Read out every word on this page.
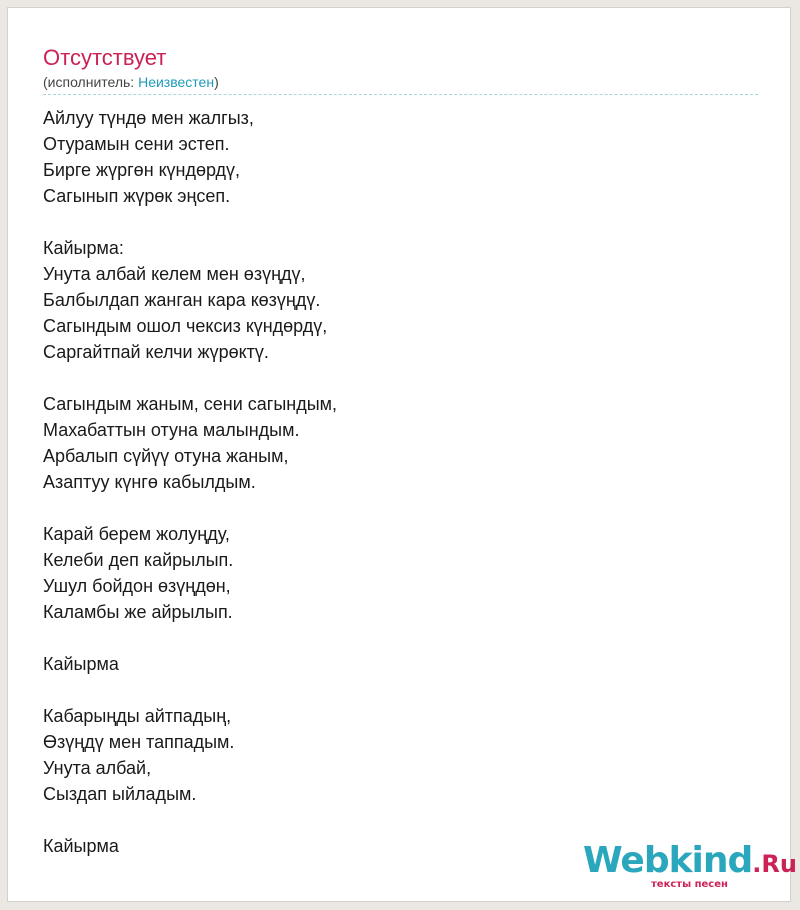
Отсутствует
(исполнитель: Неизвестен)
Айлуу түндө мен жалгыз,
Отурамын сени эстеп.
Бирге жүргөн күндөрдү,
Сагынып жүрөк эңсеп.
Кайырма:
Унута албай келем мен өзүңдү,
Балбылдап жанган кара көзүңдү.
Сагындым ошол чексиз күндөрдү,
Саргайтпай келчи жүрөктү.
Сагындым жаным, сени сагындым,
Махабаттын отуна малындым.
Арбалып сүйүү отуна жаным,
Азаптуу күнгө кабылдым.
Карай берем жолуңду,
Келеби деп кайрылып.
Ушул бойдон өзүңдөн,
Каламбы же айрылып.
Кайырма
Кабарыңды айтпадың,
Өзүңдү мен таппадым.
Унута албай,
Сыздап ыйладым.
Кайырма	Webkind.Ru
тексты песен
